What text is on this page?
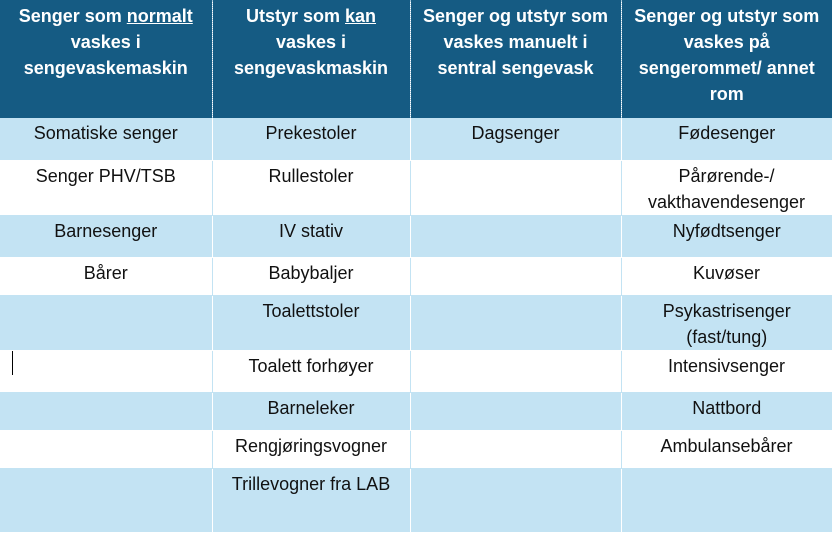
Senger som normalt vaskes i sengevaskemaskin	Utstyr som kan vaskes i sengevaskmaskin	Senger og utstyr som vaskes manuelt i sentral sengevask	Senger og utstyr som vaskes på sengerommet/ annet rom
Somatiske senger	Prekestoler	Dagsenger	Fødesenger
Senger PHV/TSB	Rullestoler		Pårørende-/ vakthavendesenger
Barnesenger	IV stativ		Nyfødtsenger
Bårer	Babybaljer		Kuvøser
	Toalettstoler		Psykastrisenger (fast/tung)
	Toalett forhøyer		Intensivsenger
	Barneleker		Nattbord
	Rengjøringsvogner		Ambulansebårer
	Trillevogner fra LAB		
